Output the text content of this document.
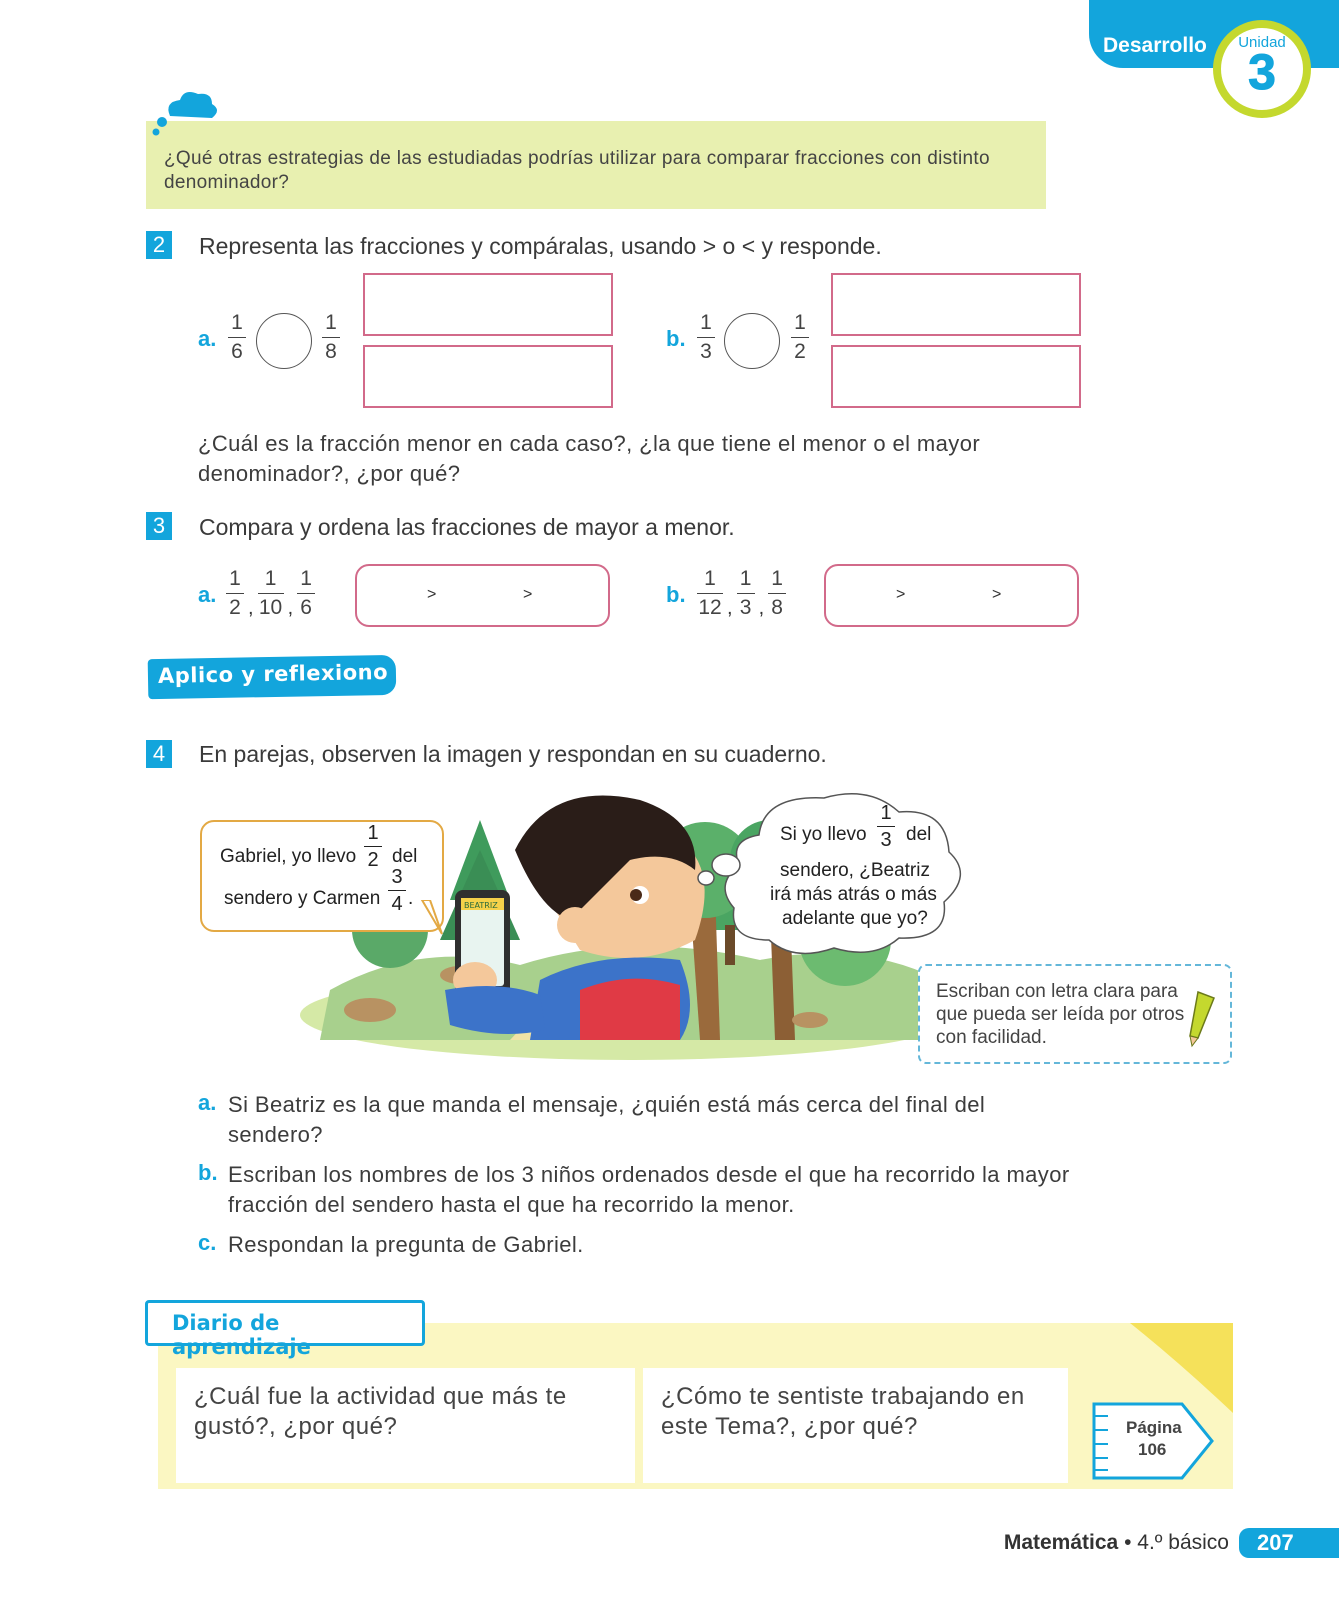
Desarrollo	Unidad
3

¿Qué otras estrategias de las estudiadas podrías utilizar para comparar fracciones con distinto denominador?

2 Representa las fracciones y compáralas, usando > o < y responde.
a.
1
6
1
8
b.
1
3
1
2
¿Cuál es la fracción menor en cada caso?, ¿la que tiene el menor o el mayor denominador?, ¿por qué?
3 Compara y ordena las fracciones de mayor a menor.
a. $\frac{1}{2}$ , $\frac{1}{10}$ , $\frac{1}{6}$	>	>	b. $\frac{1}{12}$ , $\frac{1}{3}$ , $\frac{1}{8}$	>	>
Aplico y reflexiono
4 En parejas, observen la imagen y respondan en su cuaderno.
BEATRIZ
Gabriel, yo llevo
1
2 del
sendero y Carmen
3
4 .
Si yo llevo
1
3 del
sendero, ¿Beatriz
irá más atrás o más
adelante que yo?

Escriban con letra clara para que pueda ser leída por otros con facilidad.

a. Si Beatriz es la que manda el mensaje, ¿quién está más cerca del final del sendero?
b. Escriban los nombres de los 3 niños ordenados desde el que ha recorrido la mayor fracción del sendero hasta el que ha recorrido la menor.
c. Respondan la pregunta de Gabriel.
Diario de aprendizaje
¿Cuál fue la actividad que más te gustó?, ¿por qué?
¿Cómo te sentiste trabajando en este Tema?, ¿por qué?	Página
106
Matemática • 4.º básico	207
